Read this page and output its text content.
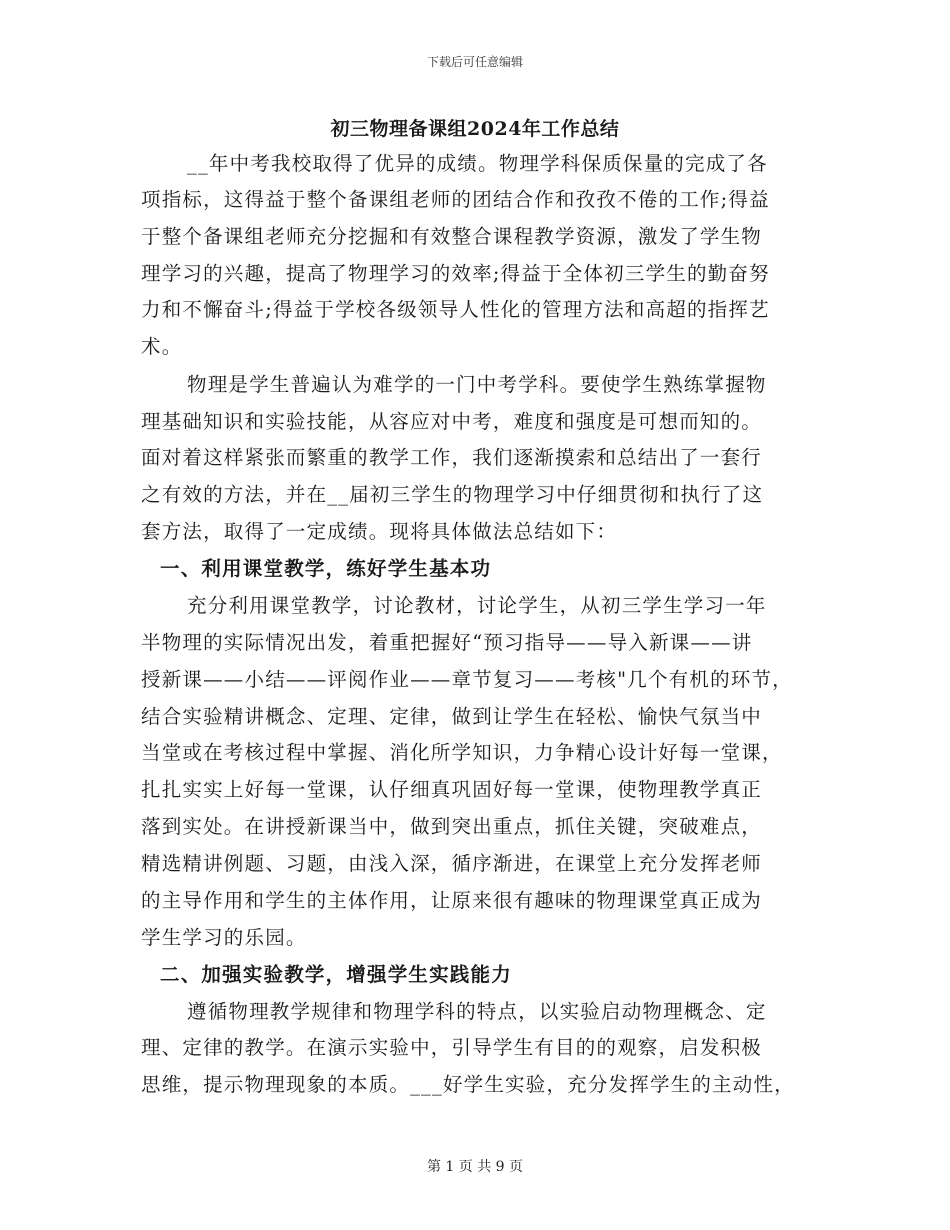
下载后可任意编辑
初三物理备课组2024年工作总结
__年中考我校取得了优异的成绩。物理学科保质保量的完成了各
项指标，这得益于整个备课组老师的团结合作和孜孜不倦的工作;得益
于整个备课组老师充分挖掘和有效整合课程教学资源，激发了学生物
理学习的兴趣，提高了物理学习的效率;得益于全体初三学生的勤奋努
力和不懈奋斗;得益于学校各级领导人性化的管理方法和高超的指挥艺
术。
物理是学生普遍认为难学的一门中考学科。要使学生熟练掌握物
理基础知识和实验技能，从容应对中考，难度和强度是可想而知的。
面对着这样紧张而繁重的教学工作，我们逐渐摸索和总结出了一套行
之有效的方法，并在__届初三学生的物理学习中仔细贯彻和执行了这
套方法，取得了一定成绩。现将具体做法总结如下：
一、利用课堂教学，练好学生基本功
充分利用课堂教学，讨论教材，讨论学生，从初三学生学习一年
半物理的实际情况出发，着重把握好“预习指导——导入新课——讲
授新课——小结——评阅作业——章节复习——考核"几个有机的环节，
结合实验精讲概念、定理、定律，做到让学生在轻松、愉快气氛当中
当堂或在考核过程中掌握、消化所学知识，力争精心设计好每一堂课，
扎扎实实上好每一堂课，认仔细真巩固好每一堂课，使物理教学真正
落到实处。在讲授新课当中，做到突出重点，抓住关键，突破难点，
精选精讲例题、习题，由浅入深，循序渐进，在课堂上充分发挥老师
的主导作用和学生的主体作用，让原来很有趣味的物理课堂真正成为
学生学习的乐园。
二、加强实验教学，增强学生实践能力
遵循物理教学规律和物理学科的特点，以实验启动物理概念、定
理、定律的教学。在演示实验中，引导学生有目的的观察，启发积极
思维，提示物理现象的本质。___好学生实验，充分发挥学生的主动性，
第 1 页 共 9 页
